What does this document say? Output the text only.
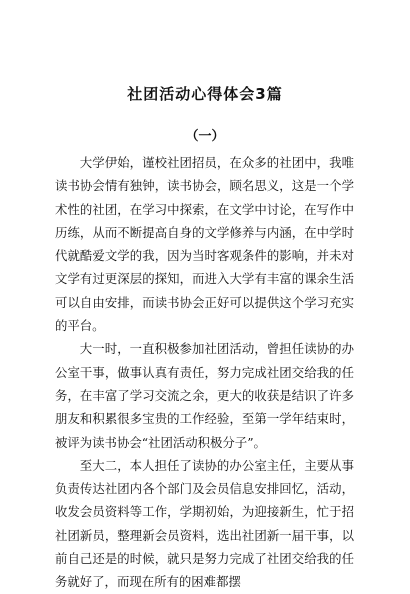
社团活动心得体会3篇
（一）

大学伊始，谨校社团招员，在众多的社团中，我唯读书协会情有独钟，读书协会，顾名思义，这是一个学术性的社团，在学习中探索，在文学中讨论，在写作中历练，从而不断提高自身的文学修养与内涵，在中学时代就酷爱文学的我，因为当时客观条件的影响，并未对文学有过更深层的探知，而进入大学有丰富的课余生活可以自由安排，而读书协会正好可以提供这个学习充实的平台。

大一时，一直积极参加社团活动，曾担任读协的办公室干事，做事认真有责任，努力完成社团交给我的任务，在丰富了学习交流之余，更大的收获是结识了许多朋友和积累很多宝贵的工作经验，至第一学年结束时，被评为读书协会“社团活动积极分子”。

至大二，本人担任了读协的办公室主任，主要从事负责传达社团内各个部门及会员信息安排回忆，活动，收发会员资料等工作，学期初始，为迎接新生，忙于招社团新员，整理新会员资料，选出社团新一届干事，以前自己还是的时候，就只是努力完成了社团交给我的任务就好了，而现在所有的困难都摆
